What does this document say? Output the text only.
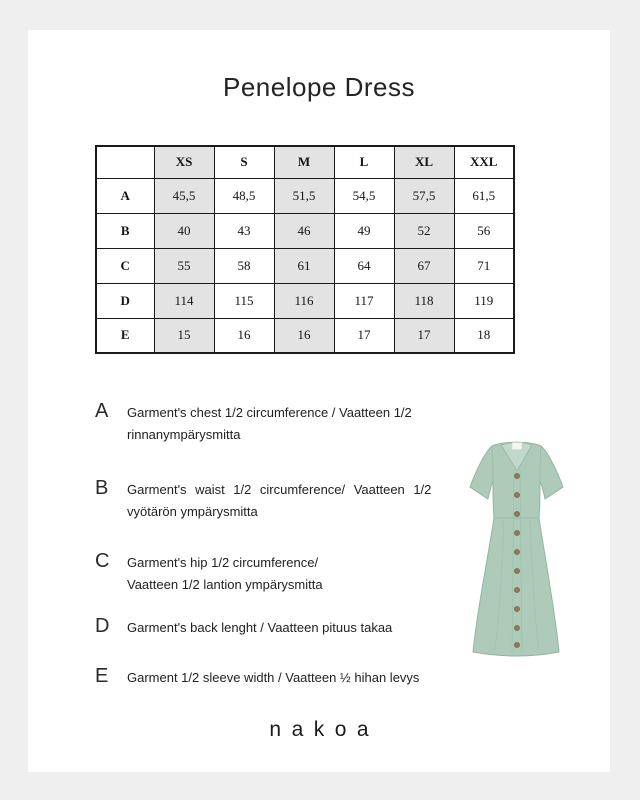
Penelope Dress
	XS	S	M	L	XL	XXL
A	45,5	48,5	51,5	54,5	57,5	61,5
B	40	43	46	49	52	56
C	55	58	61	64	67	71
D	114	115	116	117	118	119
E	15	16	16	17	17	18
A	Garment's chest 1/2 circumference / Vaatteen 1/2
rinnanympärysmitta
B	Garment's waist 1/2 circumference/ Vaatteen 1/2
vyötärön ympärysmitta
C	Garment's hip 1/2 circumference/
Vaatteen 1/2 lantion ympärysmitta
D	Garment's back lenght / Vaatteen pituus takaa
E	Garment 1/2 sleeve width / Vaatteen ½ hihan levys
nakoa
